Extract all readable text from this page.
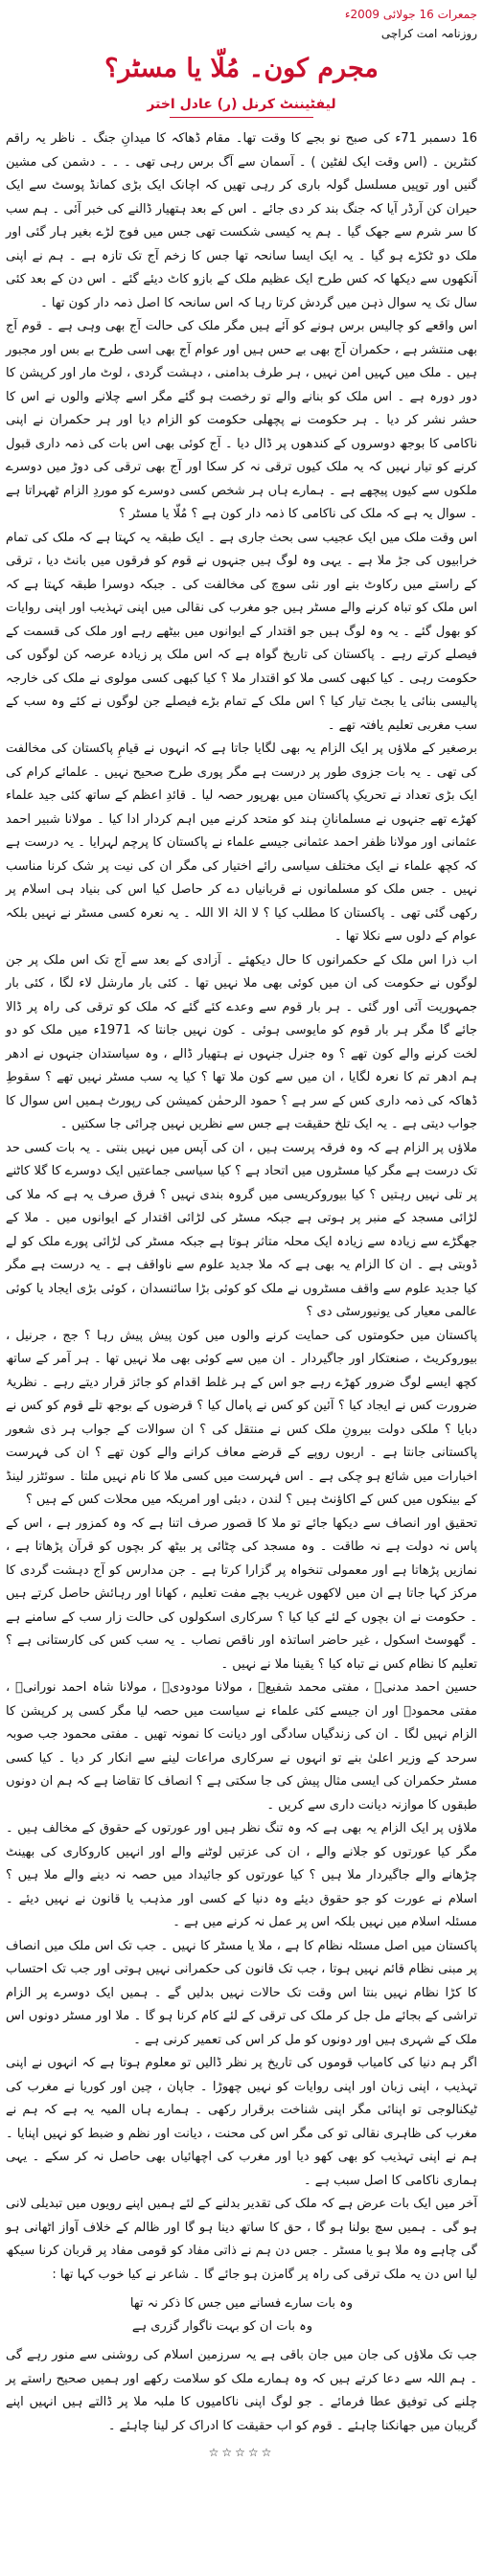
جمعرات 16 جولائی 2009ء
روزنامہ امت کراچی
مجرم کون۔ مُلّا یا مسٹر؟
لیفٹیننٹ کرنل (ر) عادل اختر

16 دسمبر 71ء کی صبح نو بجے کا وقت تھا۔ مقام ڈھاکہ کا میدانِ جنگ ۔ ناظر یہ راقم کنٹرین ۔ (اس وقت ایک لفٹین ) ۔ آسمان سے آگ برس رہی تھی ۔ ۔ ۔ دشمن کی مشین گنیں اور توپیں مسلسل گولہ باری کر رہی تھیں کہ اچانک ایک بڑی کمانڈ پوسٹ سے ایک حیران کن آرڈر آیا کہ جنگ بند کر دی جائے ۔ اس کے بعد ہتھیار ڈالنے کی خبر آئی ۔ ہم سب کا سر شرم سے جھک گیا ۔ ہم یہ کیسی شکست تھی جس میں فوج لڑے بغیر ہار گئی اور ملک دو ٹکڑے ہو گیا ۔ یہ ایک ایسا سانحہ تھا جس کا زخم آج تک تازہ ہے ۔ ہم نے اپنی آنکھوں سے دیکھا کہ کس طرح ایک عظیم ملک کے بازو کاٹ دیئے گئے ۔ اس دن کے بعد کئی سال تک یہ سوال ذہن میں گردش کرتا رہا کہ اس سانحہ کا اصل ذمہ دار کون تھا ۔

اس واقعے کو چالیس برس ہونے کو آئے ہیں مگر ملک کی حالت آج بھی وہی ہے ۔ قوم آج بھی منتشر ہے ، حکمران آج بھی بے حس ہیں اور عوام آج بھی اسی طرح بے بس اور مجبور ہیں ۔ ملک میں کہیں امن نہیں ، ہر طرف بدامنی ، دہشت گردی ، لوٹ مار اور کرپشن کا دور دورہ ہے ۔ اس ملک کو بنانے والے تو رخصت ہو گئے مگر اسے چلانے والوں نے اس کا حشر نشر کر دیا ۔ ہر حکومت نے پچھلی حکومت کو الزام دیا اور ہر حکمران نے اپنی ناکامی کا بوجھ دوسروں کے کندھوں پر ڈال دیا ۔ آج کوئی بھی اس بات کی ذمہ داری قبول کرنے کو تیار نہیں کہ یہ ملک کیوں ترقی نہ کر سکا اور آج بھی ترقی کی دوڑ میں دوسرے ملکوں سے کیوں پیچھے ہے ۔ ہمارے ہاں ہر شخص کسی دوسرے کو موردِ الزام ٹھہراتا ہے ۔ سوال یہ ہے کہ ملک کی ناکامی کا ذمہ دار کون ہے ؟ مُلّا یا مسٹر ؟

اس وقت ملک میں ایک عجیب سی بحث جاری ہے ۔ ایک طبقہ یہ کہتا ہے کہ ملک کی تمام خرابیوں کی جڑ ملا ہے ۔ یہی وہ لوگ ہیں جنہوں نے قوم کو فرقوں میں بانٹ دیا ، ترقی کے راستے میں رکاوٹ بنے اور نئی سوچ کی مخالفت کی ۔ جبکہ دوسرا طبقہ کہتا ہے کہ اس ملک کو تباہ کرنے والے مسٹر ہیں جو مغرب کی نقالی میں اپنی تہذیب اور اپنی روایات کو بھول گئے ۔ یہ وہ لوگ ہیں جو اقتدار کے ایوانوں میں بیٹھے رہے اور ملک کی قسمت کے فیصلے کرتے رہے ۔ پاکستان کی تاریخ گواہ ہے کہ اس ملک پر زیادہ عرصہ کن لوگوں کی حکومت رہی ۔ کیا کبھی کسی ملا کو اقتدار ملا ؟ کیا کبھی کسی مولوی نے ملک کی خارجہ پالیسی بنائی یا بجٹ تیار کیا ؟ اس ملک کے تمام بڑے فیصلے جن لوگوں نے کئے وہ سب کے سب مغربی تعلیم یافتہ تھے ۔

برصغیر کے ملاؤں پر ایک الزام یہ بھی لگایا جاتا ہے کہ انہوں نے قیامِ پاکستان کی مخالفت کی تھی ۔ یہ بات جزوی طور پر درست ہے مگر پوری طرح صحیح نہیں ۔ علمائے کرام کی ایک بڑی تعداد نے تحریکِ پاکستان میں بھرپور حصہ لیا ۔ قائدِ اعظم کے ساتھ کئی جید علماء کھڑے تھے جنہوں نے مسلمانانِ ہند کو متحد کرنے میں اہم کردار ادا کیا ۔ مولانا شبیر احمد عثمانی اور مولانا ظفر احمد عثمانی جیسے علماء نے پاکستان کا پرچم لہرایا ۔ یہ درست ہے کہ کچھ علماء نے ایک مختلف سیاسی رائے اختیار کی مگر ان کی نیت پر شک کرنا مناسب نہیں ۔ جس ملک کو مسلمانوں نے قربانیاں دے کر حاصل کیا اس کی بنیاد ہی اسلام پر رکھی گئی تھی ۔ پاکستان کا مطلب کیا ؟ لا الہٰ الا اللہ ۔ یہ نعرہ کسی مسٹر نے نہیں بلکہ عوام کے دلوں سے نکلا تھا ۔

اب ذرا اس ملک کے حکمرانوں کا حال دیکھئے ۔ آزادی کے بعد سے آج تک اس ملک پر جن لوگوں نے حکومت کی ان میں کوئی بھی ملا نہیں تھا ۔ کئی بار مارشل لاء لگا ، کئی بار جمہوریت آئی اور گئی ۔ ہر بار قوم سے وعدے کئے گئے کہ ملک کو ترقی کی راہ پر ڈالا جائے گا مگر ہر بار قوم کو مایوسی ہوئی ۔ کون نہیں جانتا کہ 1971ء میں ملک کو دو لخت کرنے والے کون تھے ؟ وہ جنرل جنہوں نے ہتھیار ڈالے ، وہ سیاستدان جنہوں نے ادھر ہم ادھر تم کا نعرہ لگایا ، ان میں سے کون ملا تھا ؟ کیا یہ سب مسٹر نہیں تھے ؟ سقوطِ ڈھاکہ کی ذمہ داری کس کے سر ہے ؟ حمود الرحمٰن کمیشن کی رپورٹ ہمیں اس سوال کا جواب دیتی ہے ۔ یہ ایک تلخ حقیقت ہے جس سے نظریں نہیں چرائی جا سکتیں ۔

ملاؤں پر الزام ہے کہ وہ فرقہ پرست ہیں ، ان کی آپس میں نہیں بنتی ۔ یہ بات کسی حد تک درست ہے مگر کیا مسٹروں میں اتحاد ہے ؟ کیا سیاسی جماعتیں ایک دوسرے کا گلا کاٹنے پر تلی نہیں رہتیں ؟ کیا بیوروکریسی میں گروہ بندی نہیں ؟ فرق صرف یہ ہے کہ ملا کی لڑائی مسجد کے منبر پر ہوتی ہے جبکہ مسٹر کی لڑائی اقتدار کے ایوانوں میں ۔ ملا کے جھگڑے سے زیادہ سے زیادہ ایک محلہ متاثر ہوتا ہے جبکہ مسٹر کی لڑائی پورے ملک کو لے ڈوبتی ہے ۔ ان کا الزام یہ بھی ہے کہ ملا جدید علوم سے ناواقف ہے ۔ یہ درست ہے مگر کیا جدید علوم سے واقف مسٹروں نے ملک کو کوئی بڑا سائنسدان ، کوئی بڑی ایجاد یا کوئی عالمی معیار کی یونیورسٹی دی ؟

پاکستان میں حکومتوں کی حمایت کرنے والوں میں کون پیش پیش رہا ؟ جج ، جرنیل ، بیوروکریٹ ، صنعتکار اور جاگیردار ۔ ان میں سے کوئی بھی ملا نہیں تھا ۔ ہر آمر کے ساتھ کچھ ایسے لوگ ضرور کھڑے رہے جو اس کے ہر غلط اقدام کو جائز قرار دیتے رہے ۔ نظریۂ ضرورت کس نے ایجاد کیا ؟ آئین کو کس نے پامال کیا ؟ قرضوں کے بوجھ تلے قوم کو کس نے دبایا ؟ ملکی دولت بیرونِ ملک کس نے منتقل کی ؟ ان سوالات کے جواب ہر ذی شعور پاکستانی جانتا ہے ۔ اربوں روپے کے قرضے معاف کرانے والے کون تھے ؟ ان کی فہرست اخبارات میں شائع ہو چکی ہے ۔ اس فہرست میں کسی ملا کا نام نہیں ملتا ۔ سوئٹزر لینڈ کے بینکوں میں کس کے اکاؤنٹ ہیں ؟ لندن ، دبئی اور امریکہ میں محلات کس کے ہیں ؟

تحقیق اور انصاف سے دیکھا جائے تو ملا کا قصور صرف اتنا ہے کہ وہ کمزور ہے ، اس کے پاس نہ دولت ہے نہ طاقت ۔ وہ مسجد کی چٹائی پر بیٹھ کر بچوں کو قرآن پڑھاتا ہے ، نمازیں پڑھاتا ہے اور معمولی تنخواہ پر گزارا کرتا ہے ۔ جن مدارس کو آج دہشت گردی کا مرکز کہا جاتا ہے ان میں لاکھوں غریب بچے مفت تعلیم ، کھانا اور رہائش حاصل کرتے ہیں ۔ حکومت نے ان بچوں کے لئے کیا کیا ؟ سرکاری اسکولوں کی حالت زار سب کے سامنے ہے ۔ گھوسٹ اسکول ، غیر حاضر اساتذہ اور ناقص نصاب ۔ یہ سب کس کی کارستانی ہے ؟ تعلیم کا نظام کس نے تباہ کیا ؟ یقینا ملا نے نہیں ۔

حسین احمد مدنیؒ ، مفتی محمد شفیعؒ ، مولانا مودودیؒ ، مولانا شاہ احمد نورانیؒ ، مفتی محمودؒ اور ان جیسے کئی علماء نے سیاست میں حصہ لیا مگر کسی پر کرپشن کا الزام نہیں لگا ۔ ان کی زندگیاں سادگی اور دیانت کا نمونہ تھیں ۔ مفتی محمود جب صوبہ سرحد کے وزیر اعلیٰ بنے تو انہوں نے سرکاری مراعات لینے سے انکار کر دیا ۔ کیا کسی مسٹر حکمران کی ایسی مثال پیش کی جا سکتی ہے ؟ انصاف کا تقاضا ہے کہ ہم ان دونوں طبقوں کا موازنہ دیانت داری سے کریں ۔

ملاؤں پر ایک الزام یہ بھی ہے کہ وہ تنگ نظر ہیں اور عورتوں کے حقوق کے مخالف ہیں ۔ مگر کیا عورتوں کو جلانے والے ، ان کی عزتیں لوٹنے والے اور انہیں کاروکاری کی بھینٹ چڑھانے والے جاگیردار ملا ہیں ؟ کیا عورتوں کو جائیداد میں حصہ نہ دینے والے ملا ہیں ؟ اسلام نے عورت کو جو حقوق دیئے وہ دنیا کے کسی اور مذہب یا قانون نے نہیں دیئے ۔ مسئلہ اسلام میں نہیں بلکہ اس پر عمل نہ کرنے میں ہے ۔

پاکستان میں اصل مسئلہ نظام کا ہے ، ملا یا مسٹر کا نہیں ۔ جب تک اس ملک میں انصاف پر مبنی نظام قائم نہیں ہوتا ، جب تک قانون کی حکمرانی نہیں ہوتی اور جب تک احتساب کا کڑا نظام نہیں بنتا اس وقت تک حالات نہیں بدلیں گے ۔ ہمیں ایک دوسرے پر الزام تراشی کے بجائے مل جل کر ملک کی ترقی کے لئے کام کرنا ہو گا ۔ ملا اور مسٹر دونوں اس ملک کے شہری ہیں اور دونوں کو مل کر اس کی تعمیر کرنی ہے ۔

اگر ہم دنیا کی کامیاب قوموں کی تاریخ پر نظر ڈالیں تو معلوم ہوتا ہے کہ انہوں نے اپنی تہذیب ، اپنی زبان اور اپنی روایات کو نہیں چھوڑا ۔ جاپان ، چین اور کوریا نے مغرب کی ٹیکنالوجی تو اپنائی مگر اپنی شناخت برقرار رکھی ۔ ہمارے ہاں المیہ یہ ہے کہ ہم نے مغرب کی ظاہری نقالی تو کی مگر اس کی محنت ، دیانت اور نظم و ضبط کو نہیں اپنایا ۔ ہم نے اپنی تہذیب کو بھی کھو دیا اور مغرب کی اچھائیاں بھی حاصل نہ کر سکے ۔ یہی ہماری ناکامی کا اصل سبب ہے ۔

آخر میں ایک بات عرض ہے کہ ملک کی تقدیر بدلنے کے لئے ہمیں اپنے رویوں میں تبدیلی لانی ہو گی ۔ ہمیں سچ بولنا ہو گا ، حق کا ساتھ دینا ہو گا اور ظالم کے خلاف آواز اٹھانی ہو گی چاہے وہ ملا ہو یا مسٹر ۔ جس دن ہم نے ذاتی مفاد کو قومی مفاد پر قربان کرنا سیکھ لیا اس دن یہ ملک ترقی کی راہ پر گامزن ہو جائے گا ۔ شاعر نے کیا خوب کہا تھا :

وہ بات سارے فسانے میں جس کا ذکر نہ تھا
وہ بات ان کو بہت ناگوار گزری ہے

جب تک ملاؤں کی جان میں جان باقی ہے یہ سرزمین اسلام کی روشنی سے منور رہے گی ۔ ہم اللہ سے دعا کرتے ہیں کہ وہ ہمارے ملک کو سلامت رکھے اور ہمیں صحیح راستے پر چلنے کی توفیق عطا فرمائے ۔ جو لوگ اپنی ناکامیوں کا ملبہ ملا پر ڈالتے ہیں انہیں اپنے گریبان میں جھانکنا چاہئے ۔ قوم کو اب حقیقت کا ادراک کر لینا چاہئے ۔

☆☆☆☆☆
